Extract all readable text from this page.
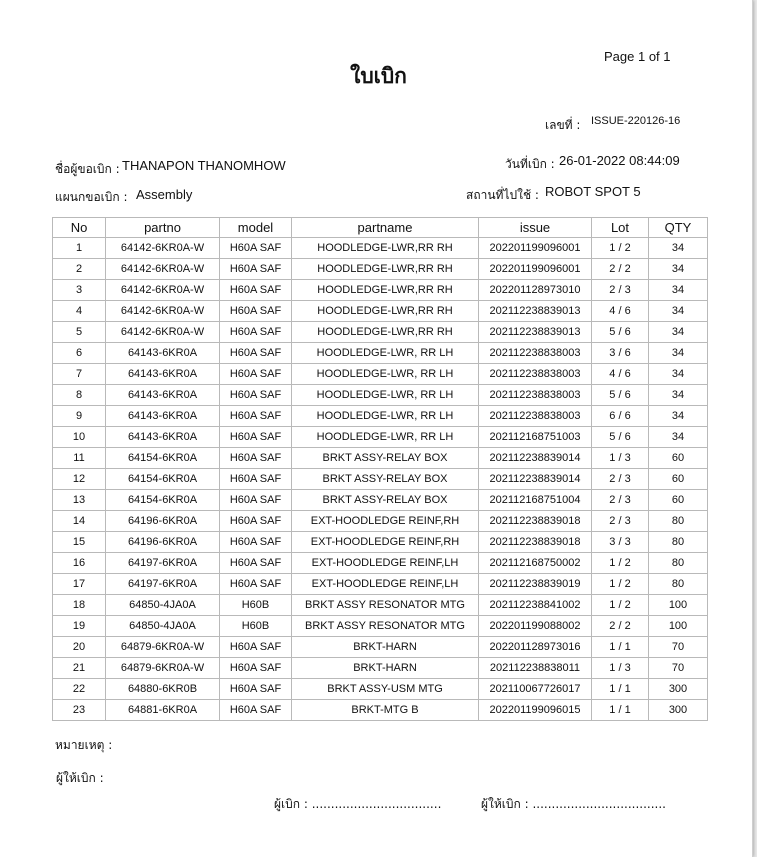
ใบเบิก
Page 1 of 1
เลขที่ : ISSUE-220126-16
ชื่อผู้ขอเบิก : THANAPON THANOMHOW	วันที่เบิก : 26-01-2022 08:44:09
แผนกขอเบิก : Assembly	สถานที่ไปใช้ : ROBOT SPOT 5
No	partno	model	partname	issue	Lot	QTY
1	64142-6KR0A-W	H60A SAF	HOODLEDGE-LWR,RR RH	202201199096001	1 / 2	34
2	64142-6KR0A-W	H60A SAF	HOODLEDGE-LWR,RR RH	202201199096001	2 / 2	34
3	64142-6KR0A-W	H60A SAF	HOODLEDGE-LWR,RR RH	202201128973010	2 / 3	34
4	64142-6KR0A-W	H60A SAF	HOODLEDGE-LWR,RR RH	202112238839013	4 / 6	34
5	64142-6KR0A-W	H60A SAF	HOODLEDGE-LWR,RR RH	202112238839013	5 / 6	34
6	64143-6KR0A	H60A SAF	HOODLEDGE-LWR, RR LH	202112238838003	3 / 6	34
7	64143-6KR0A	H60A SAF	HOODLEDGE-LWR, RR LH	202112238838003	4 / 6	34
8	64143-6KR0A	H60A SAF	HOODLEDGE-LWR, RR LH	202112238838003	5 / 6	34
9	64143-6KR0A	H60A SAF	HOODLEDGE-LWR, RR LH	202112238838003	6 / 6	34
10	64143-6KR0A	H60A SAF	HOODLEDGE-LWR, RR LH	202112168751003	5 / 6	34
11	64154-6KR0A	H60A SAF	BRKT ASSY-RELAY BOX	202112238839014	1 / 3	60
12	64154-6KR0A	H60A SAF	BRKT ASSY-RELAY BOX	202112238839014	2 / 3	60
13	64154-6KR0A	H60A SAF	BRKT ASSY-RELAY BOX	202112168751004	2 / 3	60
14	64196-6KR0A	H60A SAF	EXT-HOODLEDGE REINF,RH	202112238839018	2 / 3	80
15	64196-6KR0A	H60A SAF	EXT-HOODLEDGE REINF,RH	202112238839018	3 / 3	80
16	64197-6KR0A	H60A SAF	EXT-HOODLEDGE REINF,LH	202112168750002	1 / 2	80
17	64197-6KR0A	H60A SAF	EXT-HOODLEDGE REINF,LH	202112238839019	1 / 2	80
18	64850-4JA0A	H60B	BRKT ASSY RESONATOR MTG	202112238841002	1 / 2	100
19	64850-4JA0A	H60B	BRKT ASSY RESONATOR MTG	202201199088002	2 / 2	100
20	64879-6KR0A-W	H60A SAF	BRKT-HARN	202201128973016	1 / 1	70
21	64879-6KR0A-W	H60A SAF	BRKT-HARN	202112238838011	1 / 3	70
22	64880-6KR0B	H60A SAF	BRKT ASSY-USM MTG	202110067726017	1 / 1	300
23	64881-6KR0A	H60A SAF	BRKT-MTG B	202201199096015	1 / 1	300
หมายเหตุ :
ผู้ให้เบิก :
ผู้เบิก : ..................................	ผู้ให้เบิก : ...................................
